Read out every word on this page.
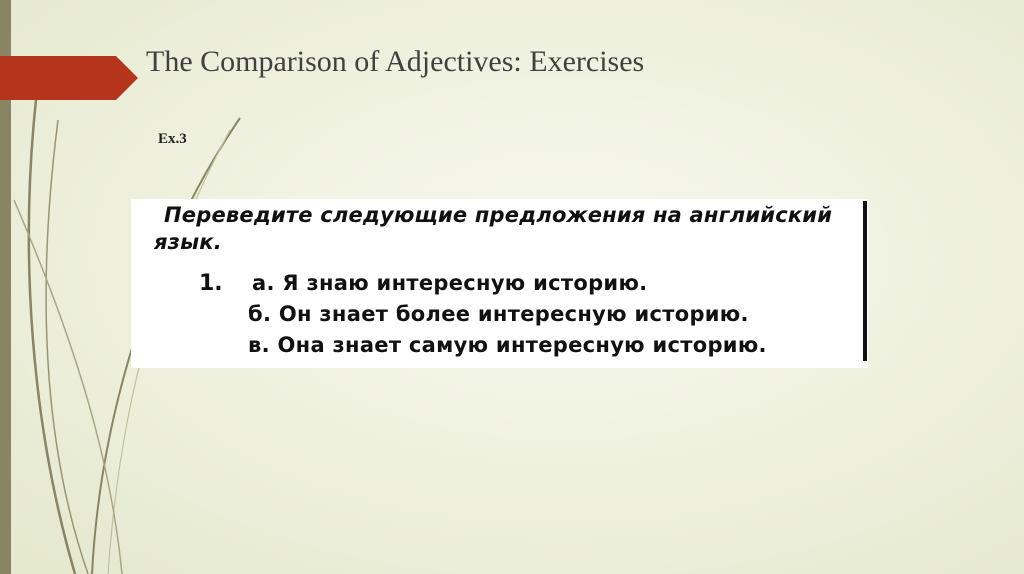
The Comparison of Adjectives: Exercises
Ex.3
Переведите следующие предложения на английский
язык.
1. а. Я знаю интересную историю.
б. Он знает более интересную историю.
в. Она знает самую интересную историю.
